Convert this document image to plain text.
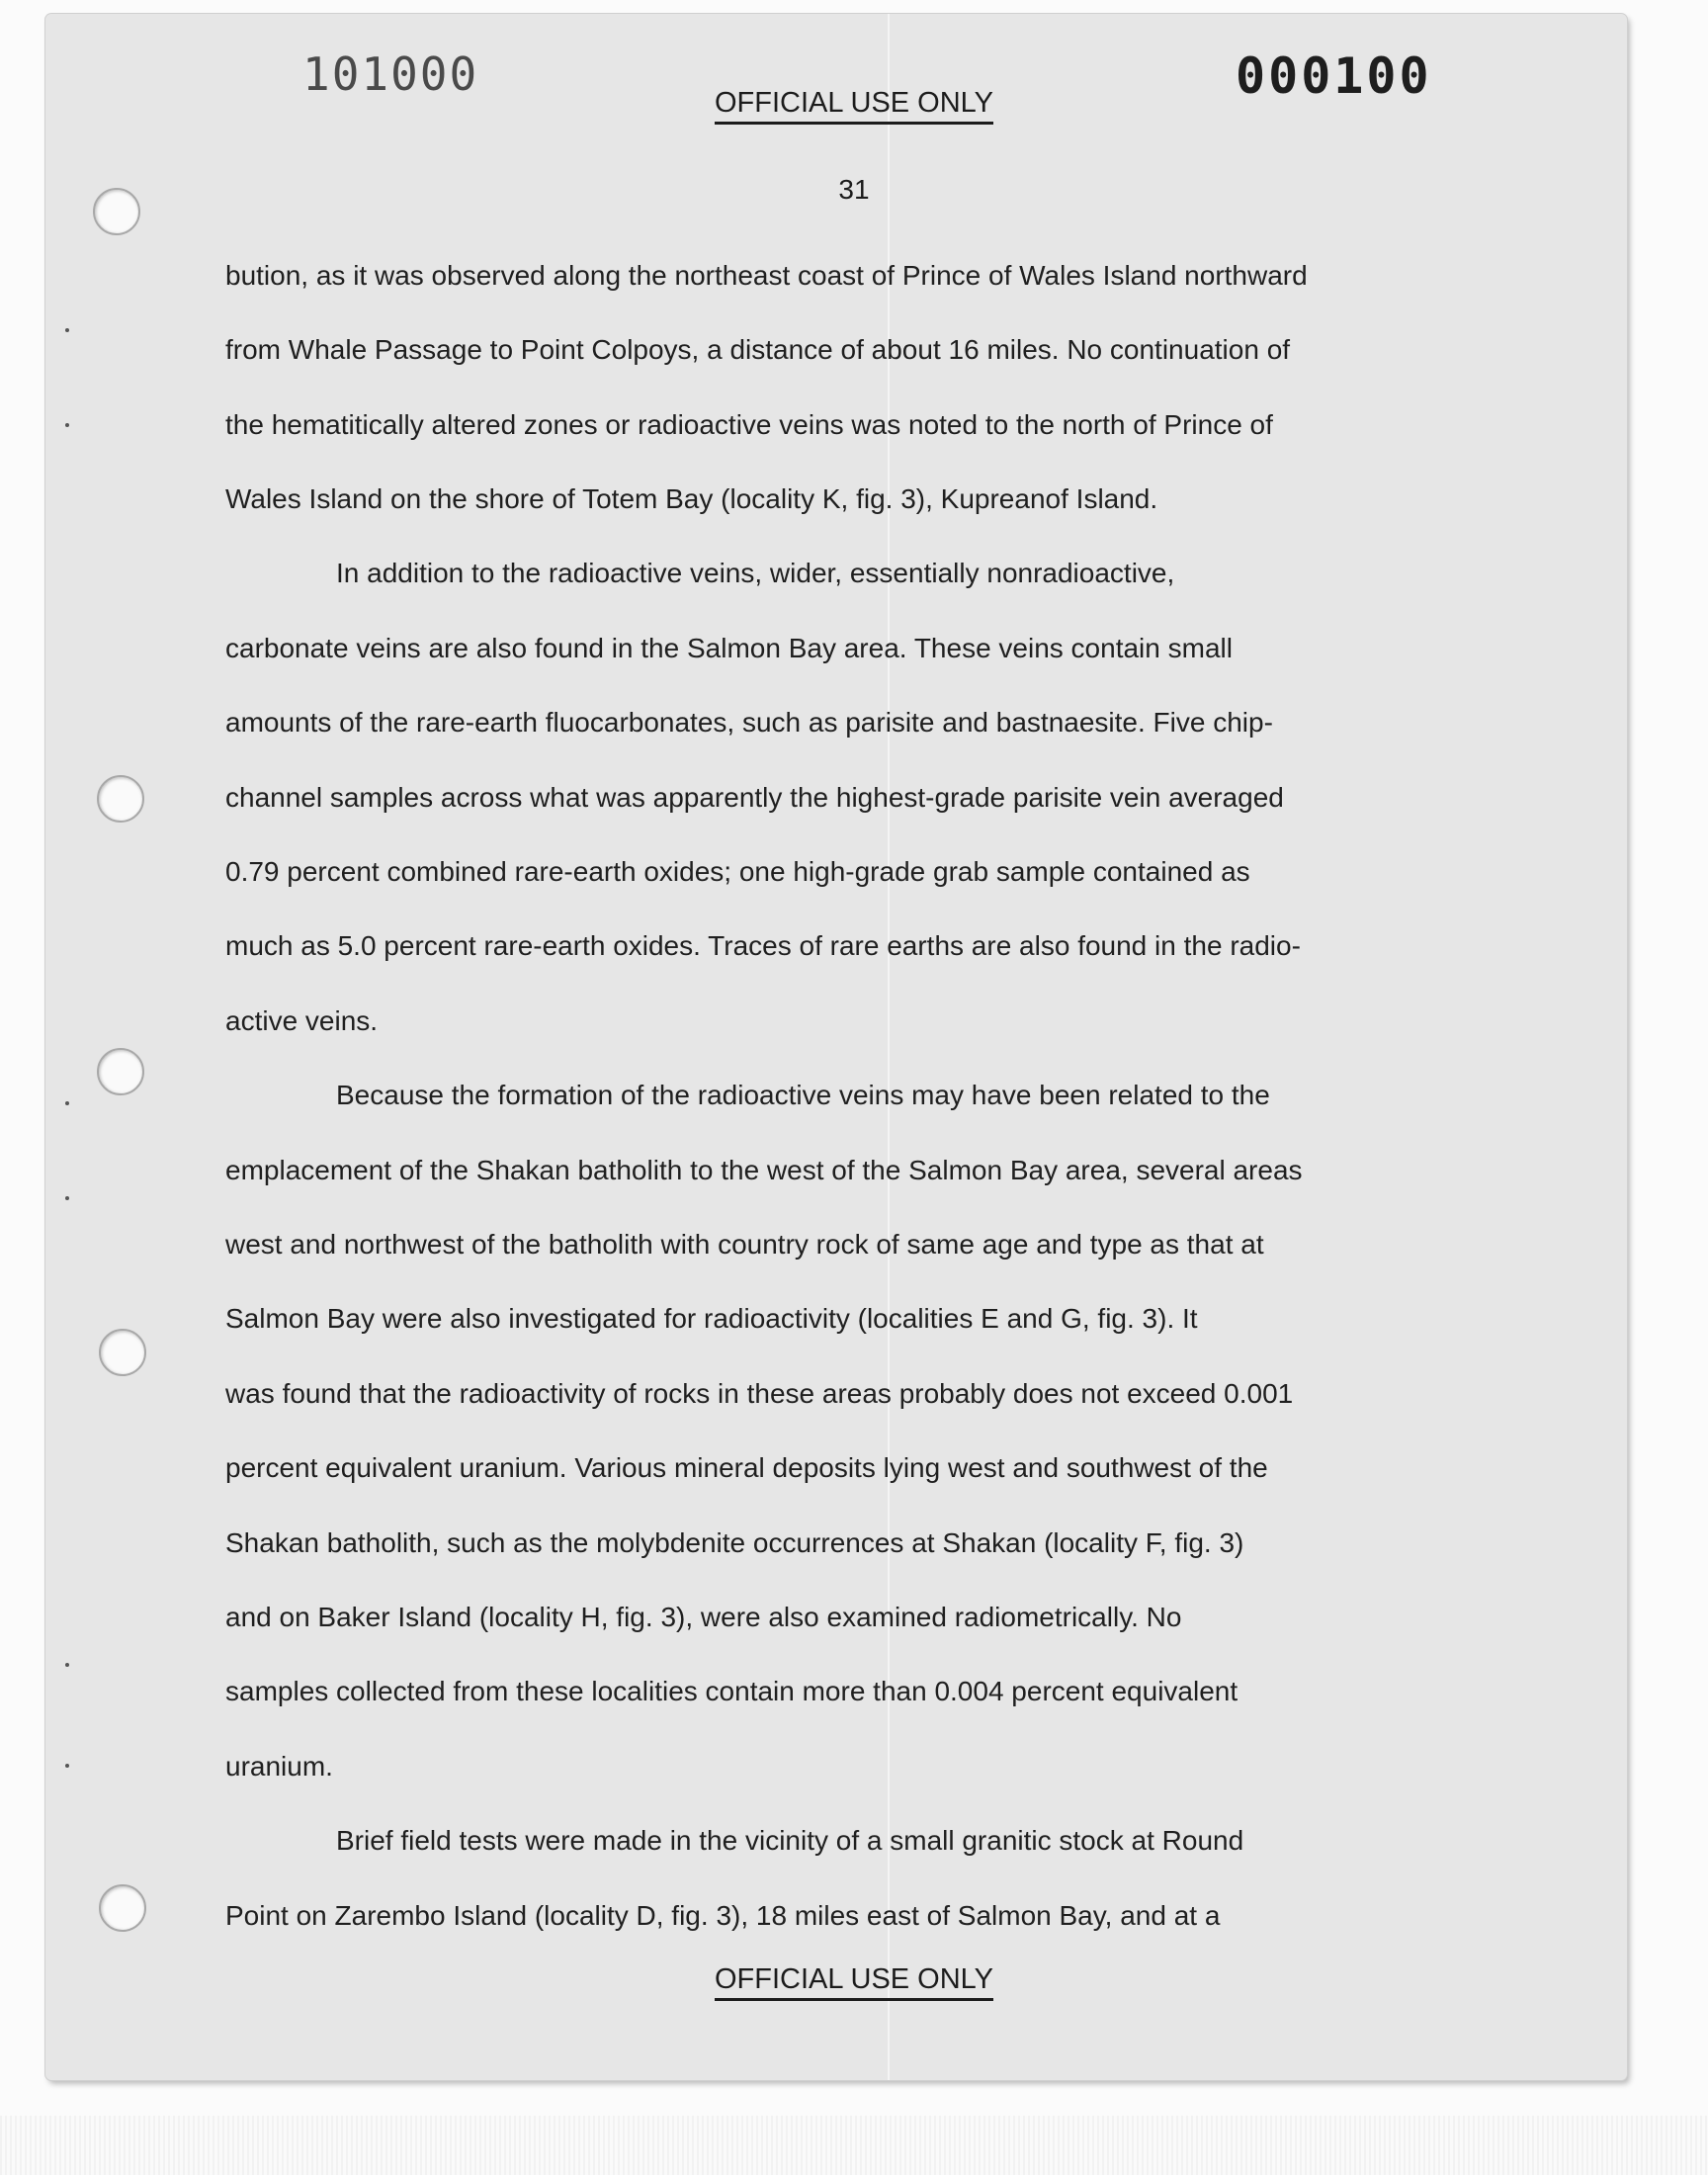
101000	000100
OFFICIAL USE ONLY
31
bution, as it was observed along the northeast coast of Prince of Wales Island northward
from Whale Passage to Point Colpoys, a distance of about 16 miles. No continuation of
the hematitically altered zones or radioactive veins was noted to the north of Prince of
Wales Island on the shore of Totem Bay (locality K, fig. 3), Kupreanof Island.
In addition to the radioactive veins, wider, essentially nonradioactive,
carbonate veins are also found in the Salmon Bay area. These veins contain small
amounts of the rare-earth fluocarbonates, such as parisite and bastnaesite. Five chip-
channel samples across what was apparently the highest-grade parisite vein averaged
0.79 percent combined rare-earth oxides; one high-grade grab sample contained as
much as 5.0 percent rare-earth oxides. Traces of rare earths are also found in the radio-
active veins.
Because the formation of the radioactive veins may have been related to the
emplacement of the Shakan batholith to the west of the Salmon Bay area, several areas
west and northwest of the batholith with country rock of same age and type as that at
Salmon Bay were also investigated for radioactivity (localities E and G, fig. 3). It
was found that the radioactivity of rocks in these areas probably does not exceed 0.001
percent equivalent uranium. Various mineral deposits lying west and southwest of the
Shakan batholith, such as the molybdenite occurrences at Shakan (locality F, fig. 3)
and on Baker Island (locality H, fig. 3), were also examined radiometrically. No
samples collected from these localities contain more than 0.004 percent equivalent
uranium.
Brief field tests were made in the vicinity of a small granitic stock at Round
Point on Zarembo Island (locality D, fig. 3), 18 miles east of Salmon Bay, and at a
OFFICIAL USE ONLY
